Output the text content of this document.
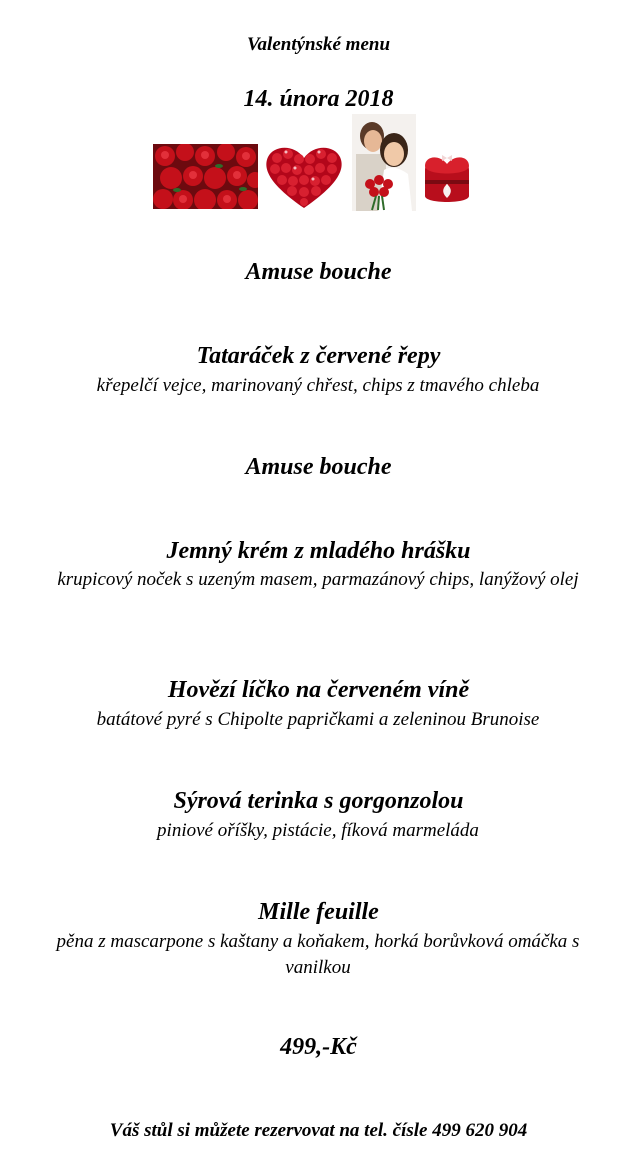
Valentýnské menu

14. února 2018

Amuse bouche

Tataráček z červené řepy

křepelčí vejce, marinovaný chřest, chips z tmavého chleba

Amuse bouche

Jemný krém z mladého hrášku

krupicový noček s uzeným masem, parmazánový chips, lanýžový olej

Hovězí líčko na červeném víně

batátové pyré s Chipolte papričkami a zeleninou Brunoise

Sýrová terinka s gorgonzolou

piniové oříšky, pistácie, fíková marmeláda

Mille feuille

pěna z mascarpone s kaštany a koňakem, horká borůvková omáčka s vanilkou

499,-Kč

Váš stůl si můžete rezervovat na tel. čísle 499 620 904
